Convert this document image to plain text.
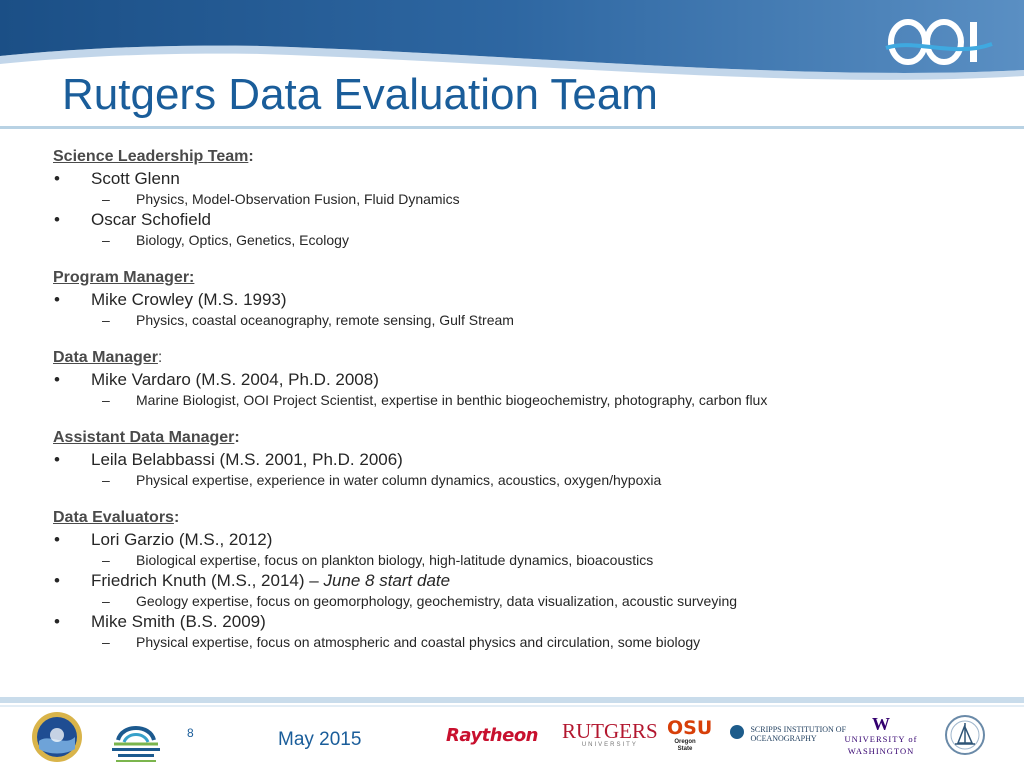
Rutgers Data Evaluation Team
Science Leadership Team:
• Scott Glenn
– Physics, Model-Observation Fusion, Fluid Dynamics
• Oscar Schofield
– Biology, Optics, Genetics, Ecology
Program Manager:
• Mike Crowley (M.S. 1993)
– Physics, coastal oceanography, remote sensing, Gulf Stream
Data Manager:
• Mike Vardaro (M.S. 2004, Ph.D. 2008)
– Marine Biologist, OOI Project Scientist, expertise in benthic biogeochemistry, photography, carbon flux
Assistant Data Manager:
• Leila Belabbassi (M.S. 2001, Ph.D. 2006)
– Physical expertise, experience in water column dynamics, acoustics, oxygen/hypoxia
Data Evaluators:
• Lori Garzio (M.S., 2012)
– Biological expertise, focus on plankton biology, high-latitude dynamics, bioacoustics
• Friedrich Knuth (M.S., 2014) – June 8 start date
– Geology expertise, focus on geomorphology, geochemistry, data visualization, acoustic surveying
• Mike Smith (B.S. 2009)
– Physical expertise, focus on atmospheric and coastal physics and circulation, some biology
8	May 2015	Raytheon RUTGERS
UNIVERSITY
OSU
Oregon State
SCRIPPS INSTITUTION OF
OCEANOGRAPHY
W
UNIVERSITY of
WASHINGTON
